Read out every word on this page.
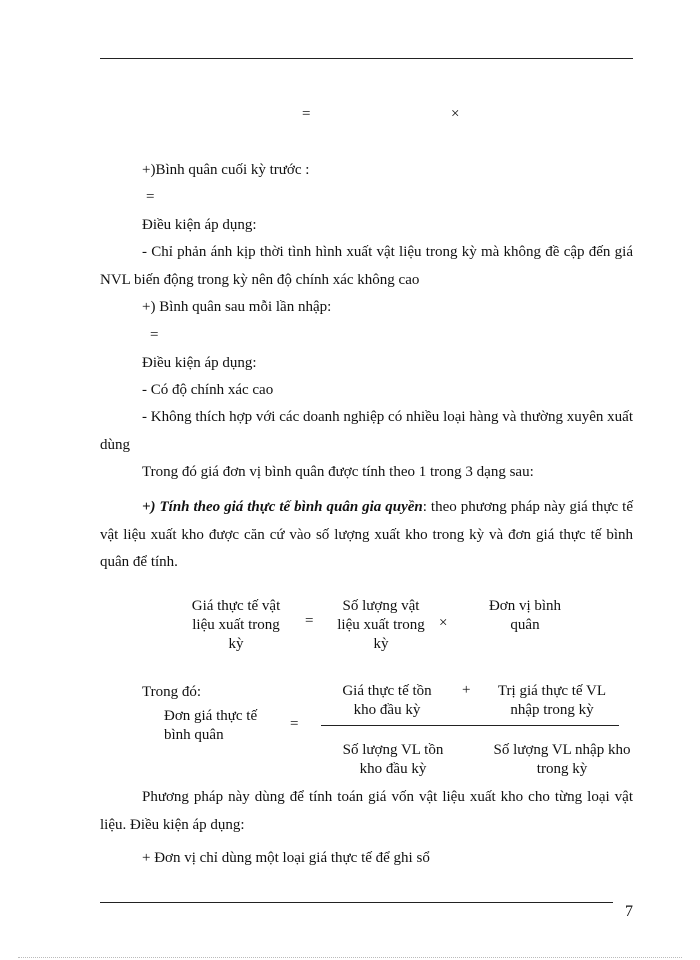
=	×
+)Bình quân cuối kỳ trước :
=
Điều kiện áp dụng:
- Chỉ phản ánh kịp thời tình hình xuất vật liệu trong kỳ mà không đề cập đến giá NVL biến động trong kỳ nên độ chính xác không cao
+) Bình quân sau mỗi lần nhập:
=
Điều kiện áp dụng:
- Có độ chính xác cao
- Không thích hợp với các doanh nghiệp có nhiều loại hàng và thường xuyên xuất dùng
Trong đó giá đơn vị bình quân được tính theo 1 trong 3 dạng sau:
+) Tính theo giá thực tế bình quân gia quyền: theo phương pháp này giá thực tế vật liệu xuất kho được căn cứ vào số lượng xuất kho trong kỳ và đơn giá thực tế bình quân để tính.
Giá thực tế vật liệu xuất trong kỳ
=
Số lượng vật liệu xuất trong kỳ
×
Đơn vị bình quân
Trong đó:
Đơn giá thực tế bình quân
=
Giá thực tế tồn kho đầu kỳ
+	Trị giá thực tế VL nhập trong kỳ
Số lượng VL tồn kho đầu kỳ
Số lượng VL nhập kho trong kỳ
Phương pháp này dùng để tính toán giá vốn vật liệu xuất kho cho từng loại vật liệu. Điều kiện áp dụng:
+ Đơn vị chỉ dùng một loại giá thực tế để ghi sổ
7
